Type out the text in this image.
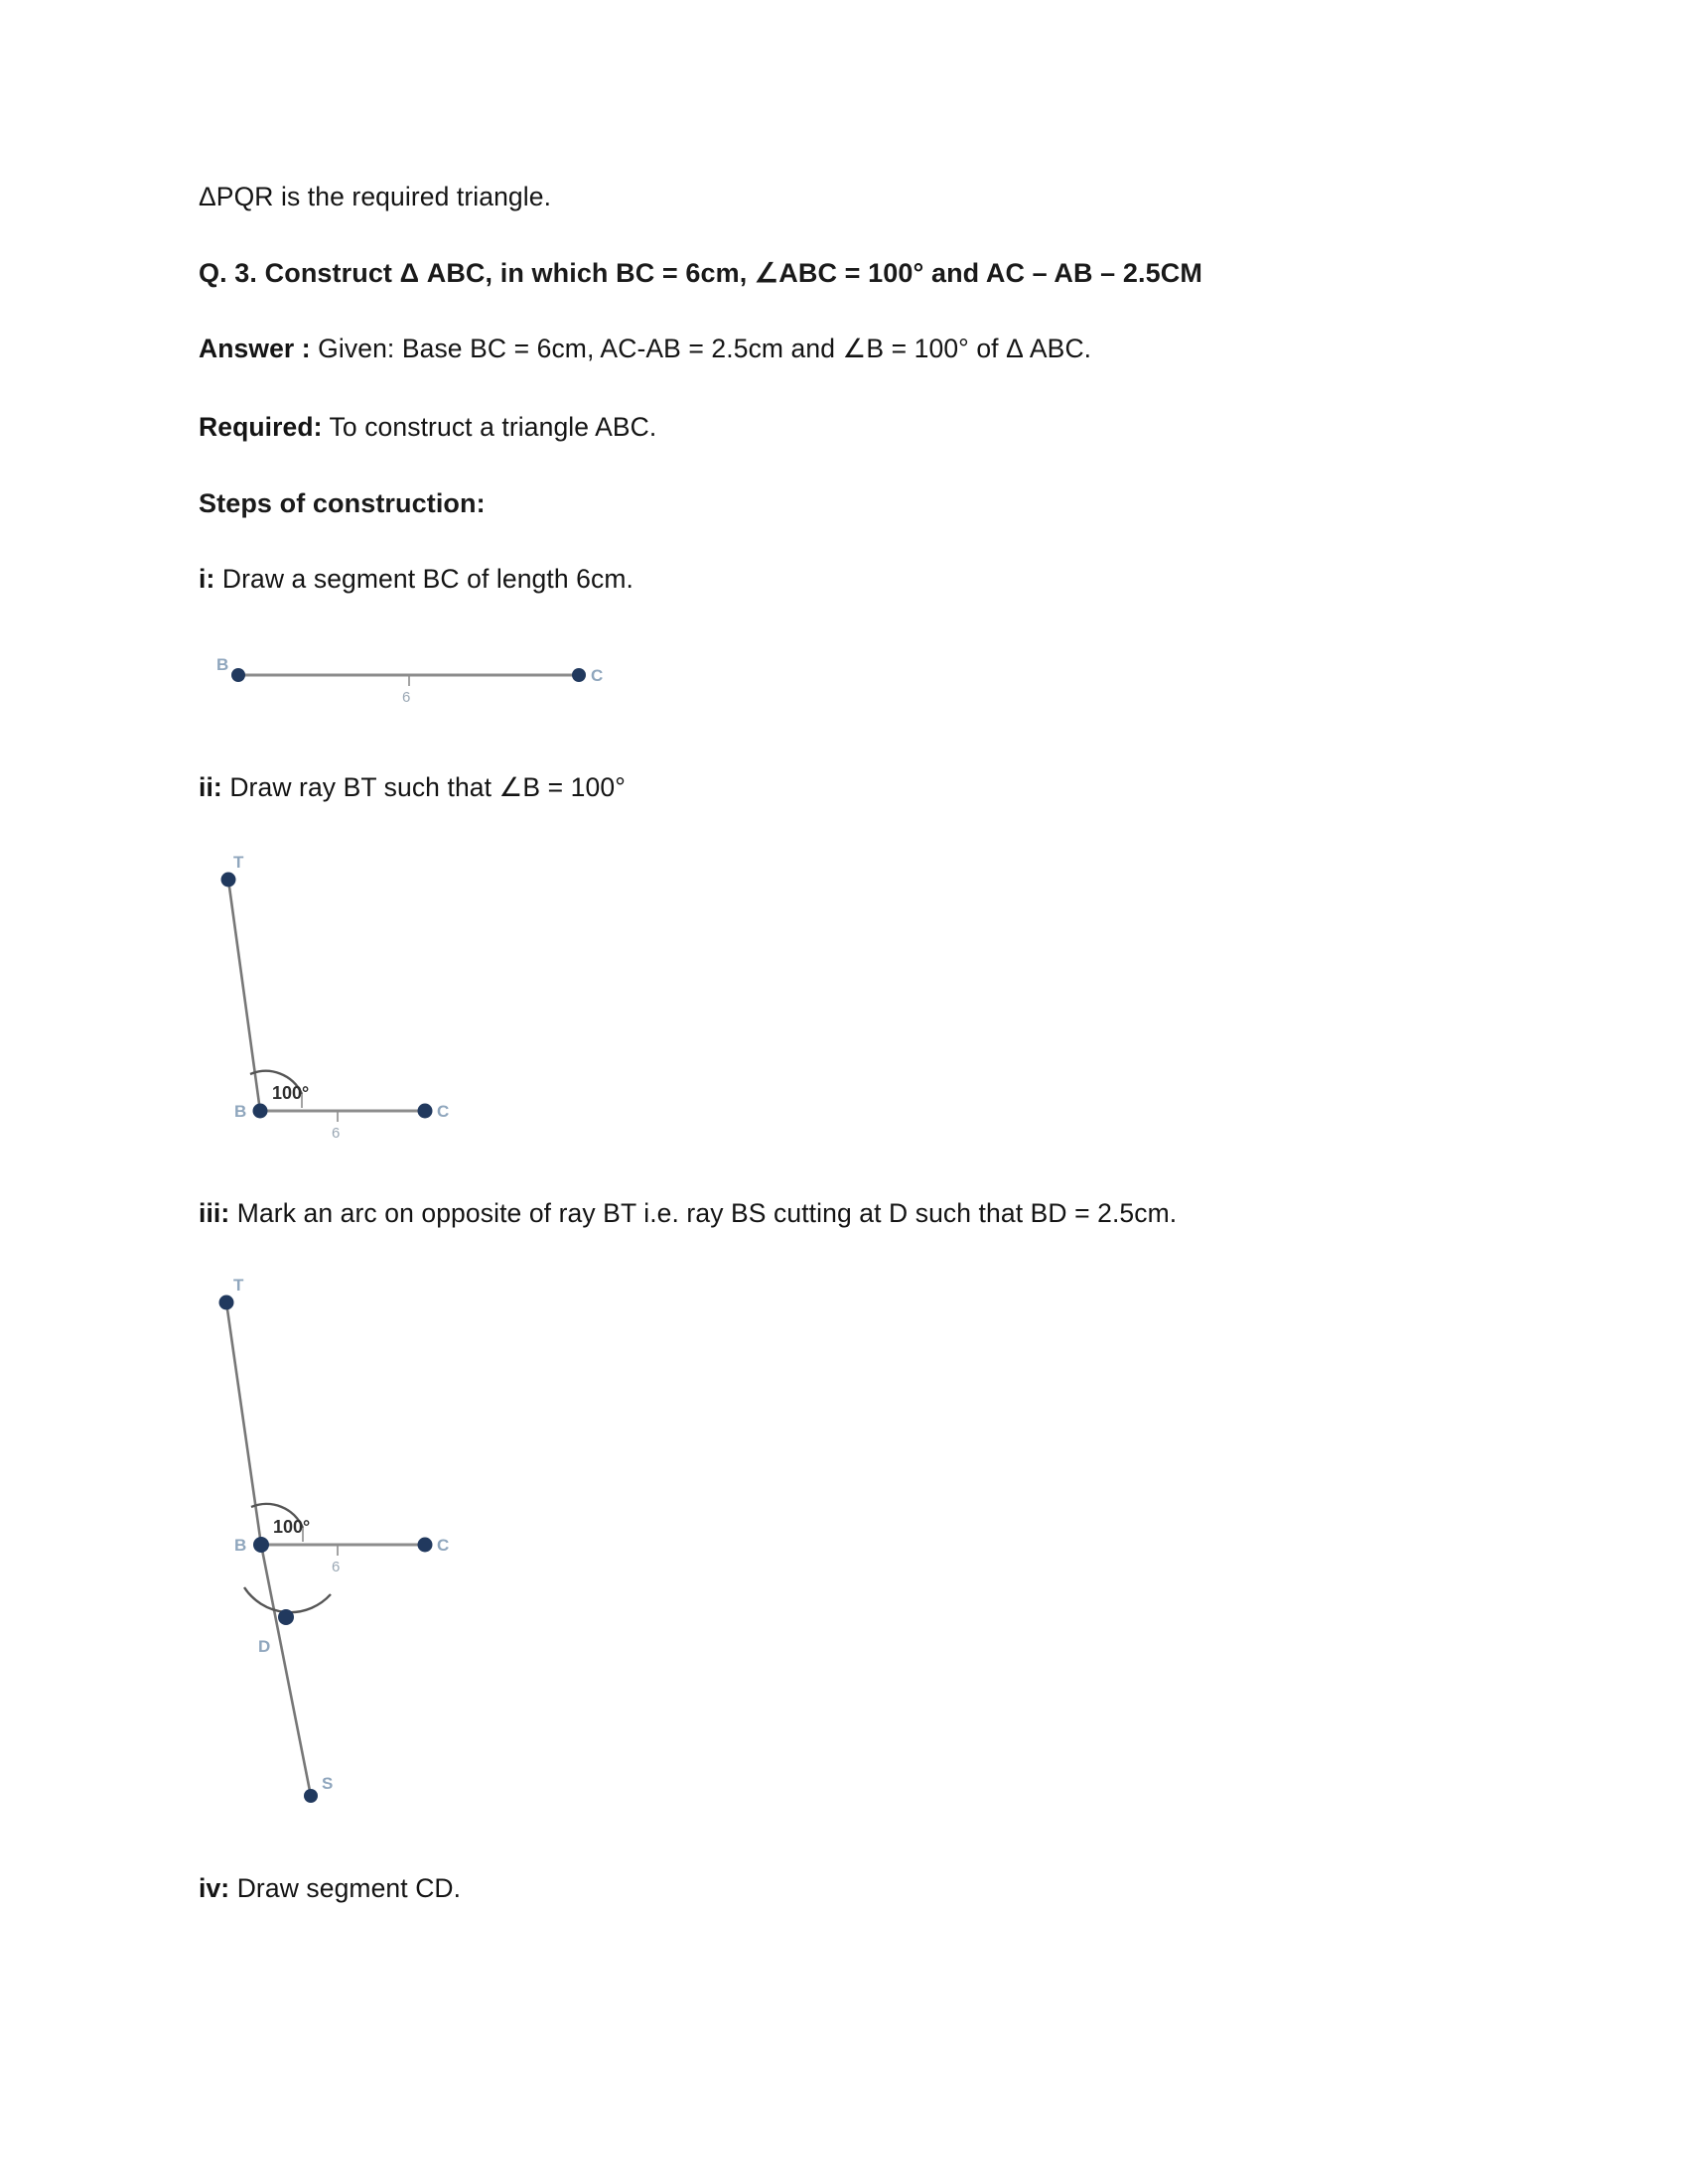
ΔPQR is the required triangle.

Q. 3. Construct Δ ABC, in which BC = 6cm, ∠ABC = 100° and AC – AB – 2.5CM

Answer : Given: Base BC = 6cm, AC-AB = 2.5cm and ∠B = 100° of Δ ABC.

Required: To construct a triangle ABC.

Steps of construction:

i: Draw a segment BC of length 6cm.

B
C
6

ii: Draw ray BT such that ∠B = 100°

T
B	C
100°
6

iii: Mark an arc on opposite of ray BT i.e. ray BS cutting at D such that BD = 2.5cm.

T
B	C
D
S
100°
6

iv: Draw segment CD.
